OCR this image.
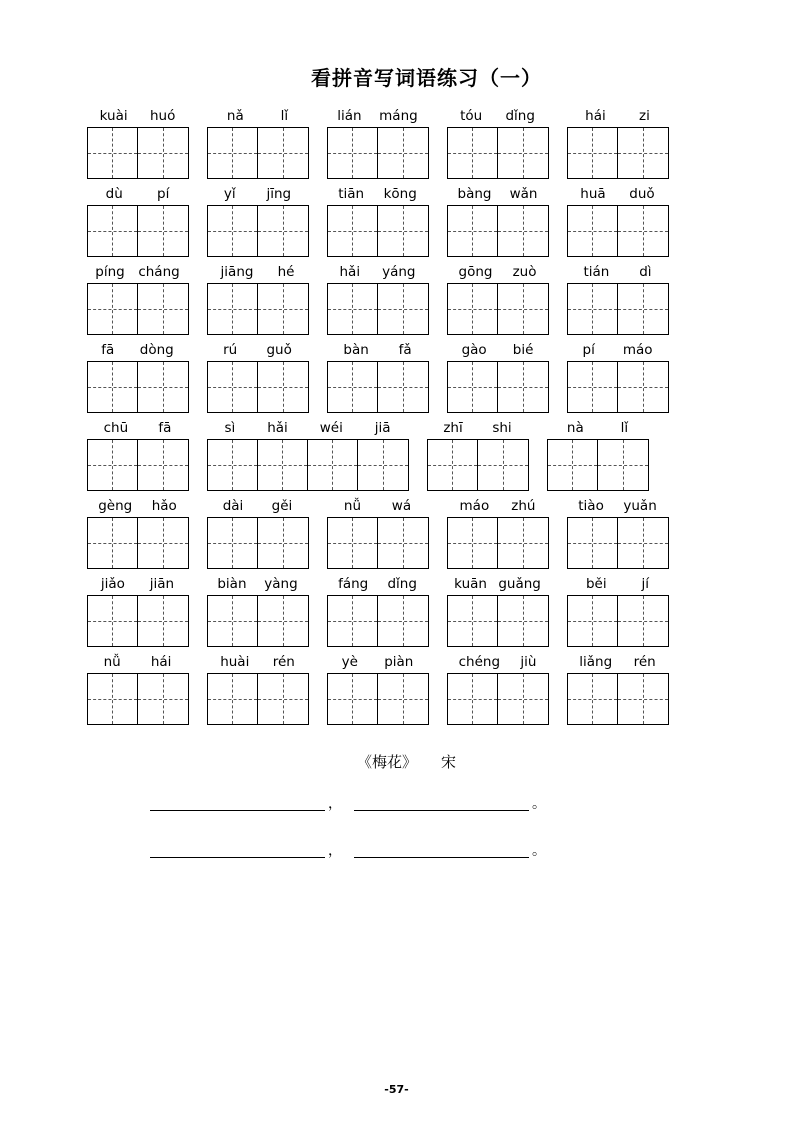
看拼音写词语练习（一）
kuài	huó	nǎ	lǐ	lián	máng	tóu	dǐng	hái	zi
dù	pí	yǐ	jīng	tiān	kōng	bàng	wǎn	huā	duǒ
píng	cháng	jiāng	hé	hǎi	yáng	gōng	zuò	tián	dì
fā	dòng	rú	guǒ	bàn	fǎ	gào	bié	pí	máo
chū	fā	sì	hǎi	wéi	jiā	zhī	shi	nà	lǐ
gèng	hǎo	dài	gěi	nǚ	wá	máo	zhú	tiào	yuǎn
jiǎo	jiān	biàn	yàng	fáng	dǐng	kuān guǎng	běi	jí
nǚ	hái	huài	rén	yè	piàn	chéng	jiù	liǎng	rén
《梅花》 宋
，	。
，	。
-57-
